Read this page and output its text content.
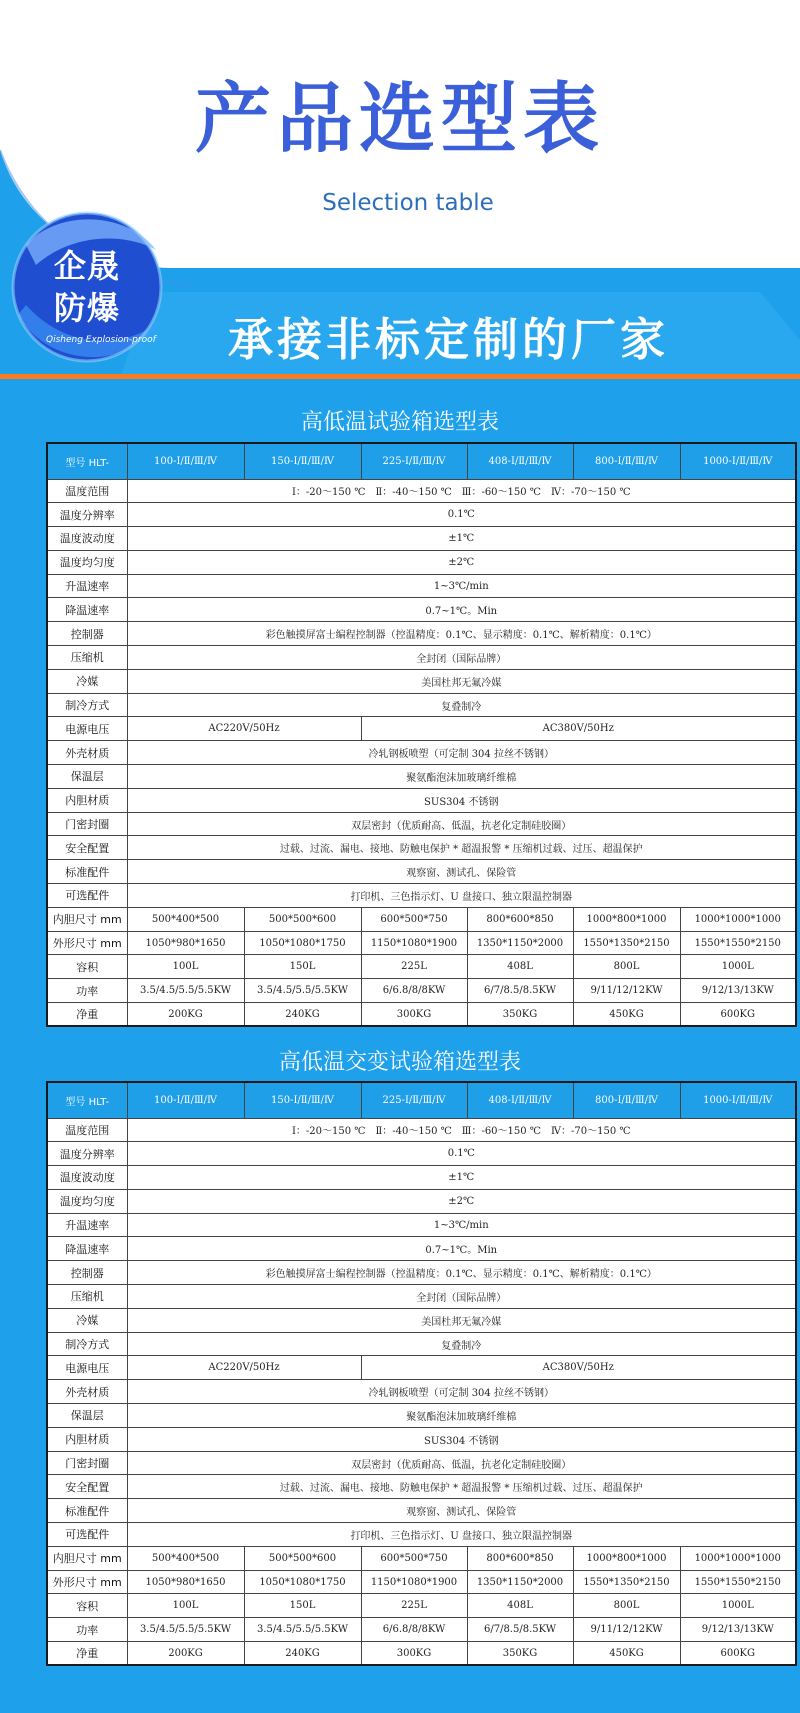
产品选型表
Selection table
企晟
防爆
Qisheng Explosion-proof 承接非标定制的厂家
高低温试验箱选型表
型号 HLT-	100-Ⅰ/Ⅱ/Ⅲ/Ⅳ	150-Ⅰ/Ⅱ/Ⅲ/Ⅳ	225-Ⅰ/Ⅱ/Ⅲ/Ⅳ	408-Ⅰ/Ⅱ/Ⅲ/Ⅳ	800-Ⅰ/Ⅱ/Ⅲ/Ⅳ	1000-Ⅰ/Ⅱ/Ⅲ/Ⅳ
温度范围	Ⅰ：-20～150 ℃　Ⅱ：-40～150 ℃　Ⅲ：-60～150 ℃　Ⅳ：-70～150 ℃					
温度分辨率	0.1℃					
温度波动度	±1℃					
温度均匀度	±2℃					
升温速率	1~3℃/min					
降温速率	0.7~1℃。Min					
控制器	彩色触摸屏富士编程控制器（控温精度：0.1℃、显示精度：0.1℃、解析精度：0.1℃）					
压缩机	全封闭（国际品牌）					
冷媒	美国杜邦无氟冷媒					
制冷方式	复叠制冷					
电源电压	AC220V/50Hz		AC380V/50Hz			
外壳材质	冷轧钢板喷塑（可定制 304 拉丝不锈钢）					
保温层	聚氨酯泡沫加玻璃纤维棉					
内胆材质	SUS304 不锈钢					
门密封圈	双层密封（优质耐高、低温，抗老化定制硅胶圈）					
安全配置	过载、过流、漏电、接地、防触电保护 * 超温报警 * 压缩机过载、过压、超温保护					
标准配件	观察窗、测试孔、保险管					
可选配件	打印机、三色指示灯、U 盘接口、独立限温控制器					
内胆尺寸 mm	500*400*500	500*500*600	600*500*750	800*600*850	1000*800*1000	1000*1000*1000
外形尺寸 mm	1050*980*1650	1050*1080*1750	1150*1080*1900	1350*1150*2000	1550*1350*2150	1550*1550*2150
容积	100L	150L	225L	408L	800L	1000L
功率	3.5/4.5/5.5/5.5KW	3.5/4.5/5.5/5.5KW	6/6.8/8/8KW	6/7/8.5/8.5KW	9/11/12/12KW	9/12/13/13KW
净重	200KG	240KG	300KG	350KG	450KG	600KG
高低温交变试验箱选型表
型号 HLT-	100-Ⅰ/Ⅱ/Ⅲ/Ⅳ	150-Ⅰ/Ⅱ/Ⅲ/Ⅳ	225-Ⅰ/Ⅱ/Ⅲ/Ⅳ	408-Ⅰ/Ⅱ/Ⅲ/Ⅳ	800-Ⅰ/Ⅱ/Ⅲ/Ⅳ	1000-Ⅰ/Ⅱ/Ⅲ/Ⅳ
温度范围	Ⅰ：-20～150 ℃　Ⅱ：-40～150 ℃　Ⅲ：-60～150 ℃　Ⅳ：-70～150 ℃					
温度分辨率	0.1℃					
温度波动度	±1℃					
温度均匀度	±2℃					
升温速率	1~3℃/min					
降温速率	0.7~1℃。Min					
控制器	彩色触摸屏富士编程控制器（控温精度：0.1℃、显示精度：0.1℃、解析精度：0.1℃）					
压缩机	全封闭（国际品牌）					
冷媒	美国杜邦无氟冷媒					
制冷方式	复叠制冷					
电源电压	AC220V/50Hz		AC380V/50Hz			
外壳材质	冷轧钢板喷塑（可定制 304 拉丝不锈钢）					
保温层	聚氨酯泡沫加玻璃纤维棉					
内胆材质	SUS304 不锈钢					
门密封圈	双层密封（优质耐高、低温，抗老化定制硅胶圈）					
安全配置	过载、过流、漏电、接地、防触电保护 * 超温报警 * 压缩机过载、过压、超温保护					
标准配件	观察窗、测试孔、保险管					
可选配件	打印机、三色指示灯、U 盘接口、独立限温控制器					
内胆尺寸 mm	500*400*500	500*500*600	600*500*750	800*600*850	1000*800*1000	1000*1000*1000
外形尺寸 mm	1050*980*1650	1050*1080*1750	1150*1080*1900	1350*1150*2000	1550*1350*2150	1550*1550*2150
容积	100L	150L	225L	408L	800L	1000L
功率	3.5/4.5/5.5/5.5KW	3.5/4.5/5.5/5.5KW	6/6.8/8/8KW	6/7/8.5/8.5KW	9/11/12/12KW	9/12/13/13KW
净重	200KG	240KG	300KG	350KG	450KG	600KG
